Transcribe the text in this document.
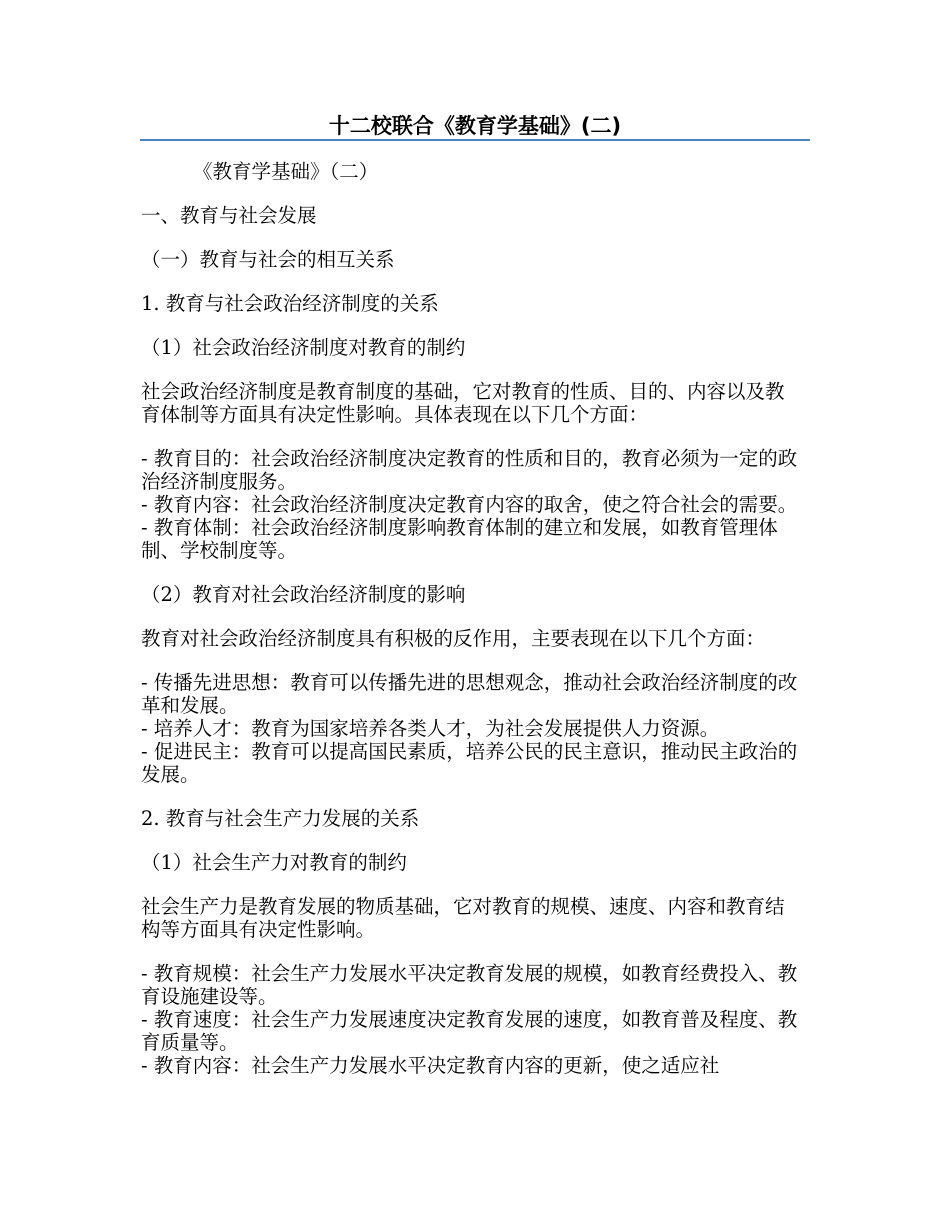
十二校联合《教育学基础》(二)

《教育学基础》（二）

一、教育与社会发展

（一）教育与社会的相互关系

1. 教育与社会政治经济制度的关系

（1）社会政治经济制度对教育的制约

社会政治经济制度是教育制度的基础，它对教育的性质、目的、内容以及教育体制等方面具有决定性影响。具体表现在以下几个方面：

- 教育目的：社会政治经济制度决定教育的性质和目的，教育必须为一定的政治经济制度服务。

- 教育内容：社会政治经济制度决定教育内容的取舍，使之符合社会的需要。

- 教育体制：社会政治经济制度影响教育体制的建立和发展，如教育管理体制、学校制度等。

（2）教育对社会政治经济制度的影响

教育对社会政治经济制度具有积极的反作用，主要表现在以下几个方面：

- 传播先进思想：教育可以传播先进的思想观念，推动社会政治经济制度的改革和发展。

- 培养人才：教育为国家培养各类人才，为社会发展提供人力资源。

- 促进民主：教育可以提高国民素质，培养公民的民主意识，推动民主政治的发展。

2. 教育与社会生产力发展的关系

（1）社会生产力对教育的制约

社会生产力是教育发展的物质基础，它对教育的规模、速度、内容和教育结构等方面具有决定性影响。

- 教育规模：社会生产力发展水平决定教育发展的规模，如教育经费投入、教育设施建设等。

- 教育速度：社会生产力发展速度决定教育发展的速度，如教育普及程度、教育质量等。

- 教育内容：社会生产力发展水平决定教育内容的更新，使之适应社
